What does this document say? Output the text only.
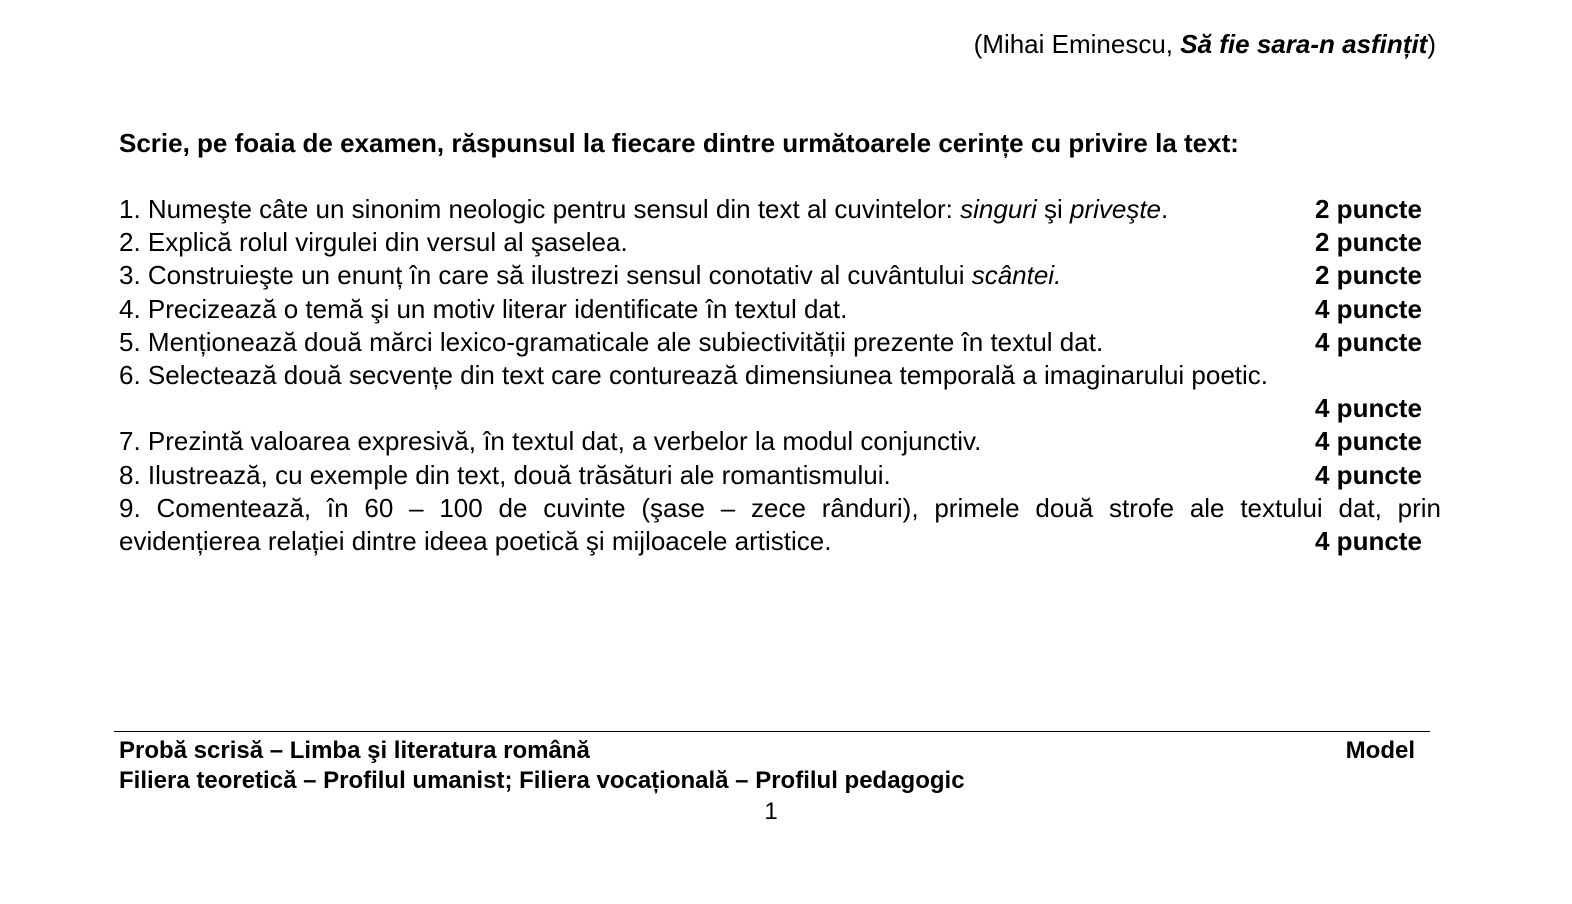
(Mihai Eminescu, Să fie sara-n asfințit)
Scrie, pe foaia de examen, răspunsul la fiecare dintre următoarele cerințe cu privire la text:
1. Numeşte câte un sinonim neologic pentru sensul din text al cuvintelor: singuri şi priveşte.	2 puncte
2. Explică rolul virgulei din versul al şaselea.	2 puncte
3. Construieşte un enunț în care să ilustrezi sensul conotativ al cuvântului scântei.	2 puncte
4. Precizează o temă şi un motiv literar identificate în textul dat.	4 puncte
5. Menționează două mărci lexico-gramaticale ale subiectivității prezente în textul dat.	4 puncte
6. Selectează două secvențe din text care conturează dimensiunea temporală a imaginarului poetic.
4 puncte
7. Prezintă valoarea expresivă, în textul dat, a verbelor la modul conjunctiv.	4 puncte
8. Ilustrează, cu exemple din text, două trăsături ale romantismului.	4 puncte
9. Comentează, în 60 – 100 de cuvinte (şase – zece rânduri), primele două strofe ale textului dat, prin
evidențierea relației dintre ideea poetică şi mijloacele artistice.	4 puncte
Probă scrisă – Limba şi literatura română	Model
Filiera teoretică – Profilul umanist; Filiera vocațională – Profilul pedagogic
1
